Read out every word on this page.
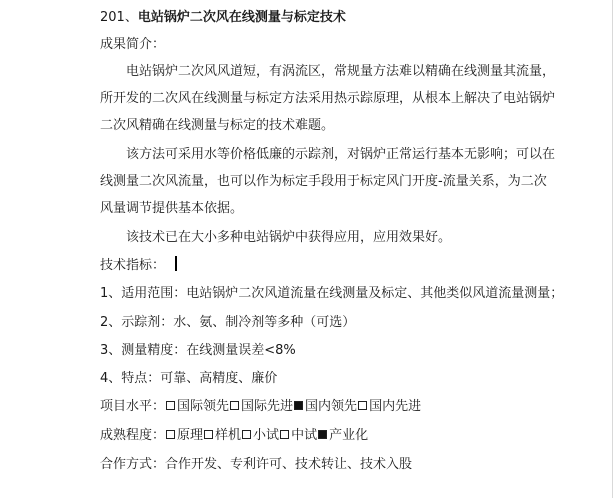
201、电站锅炉二次风在线测量与标定技术
成果简介：
电站锅炉二次风风道短，有涡流区，常规量方法难以精确在线测量其流量，
所开发的二次风在线测量与标定方法采用热示踪原理，从根本上解决了电站锅炉
二次风精确在线测量与标定的技术难题。
该方法可采用水等价格低廉的示踪剂，对锅炉正常运行基本无影响；可以在
线测量二次风流量，也可以作为标定手段用于标定风门开度-流量关系，为二次
风量调节提供基本依据。
该技术已在大小多种电站锅炉中获得应用，应用效果好。
技术指标：
1、适用范围：电站锅炉二次风道流量在线测量及标定、其他类似风道流量测量；
2、示踪剂：水、氨、制冷剂等多种（可选）
3、测量精度：在线测量误差<8%
4、特点：可靠、高精度、廉价
项目水平： 国际领先 国际先进 国内领先 国内先进
成熟程度： 原理 样机 小试 中试 产业化
合作方式：合作开发、专利许可、技术转让、技术入股
